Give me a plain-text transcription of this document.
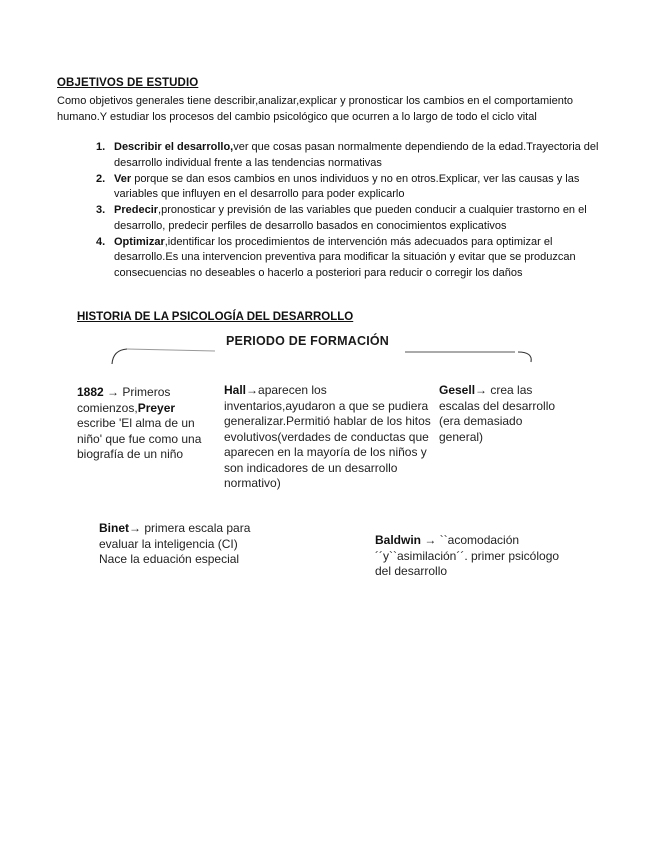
OBJETIVOS DE ESTUDIO
Como objetivos generales tiene describir,analizar,explicar y pronosticar los cambios en el comportamiento humano.Y estudiar los procesos del cambio psicológico que ocurren a lo largo de todo el ciclo vital
1. Describir el desarrollo,ver que cosas pasan normalmente dependiendo de la edad.Trayectoria del desarrollo individual frente a las tendencias normativas
2. Ver porque se dan esos cambios en unos individuos y no en otros.Explicar, ver las causas y las variables que influyen en el desarrollo para poder explicarlo
3. Predecir,pronosticar y previsión de las variables que pueden conducir a cualquier trastorno en el desarrollo, predecir perfiles de desarrollo basados en conocimientos explicativos
4. Optimizar,identificar los procedimientos de intervención más adecuados para optimizar el desarrollo.Es una intervencion preventiva para modificar la situación y evitar que se produzcan consecuencias no deseables o hacerlo a posteriori para reducir o corregir los daños
HISTORIA DE LA PSICOLOGÍA DEL DESARROLLO
PERIODO DE FORMACIÓN
1882 → Primeros comienzos,Preyer escribe 'El alma de un niño' que fue como una biografía de un niño
Hall→aparecen los inventarios,ayudaron a que se pudiera generalizar.Permitió hablar de los hitos evolutivos(verdades de conductas que aparecen en la mayoría de los niños y son indicadores de un desarrollo normativo)
Gesell→ crea las escalas del desarrollo (era demasiado general)
Binet→ primera escala para evaluar la inteligencia (CI) Nace la eduación especial
Baldwin → ``acomodación´´y``asimilación´´. primer psicólogo del desarrollo
